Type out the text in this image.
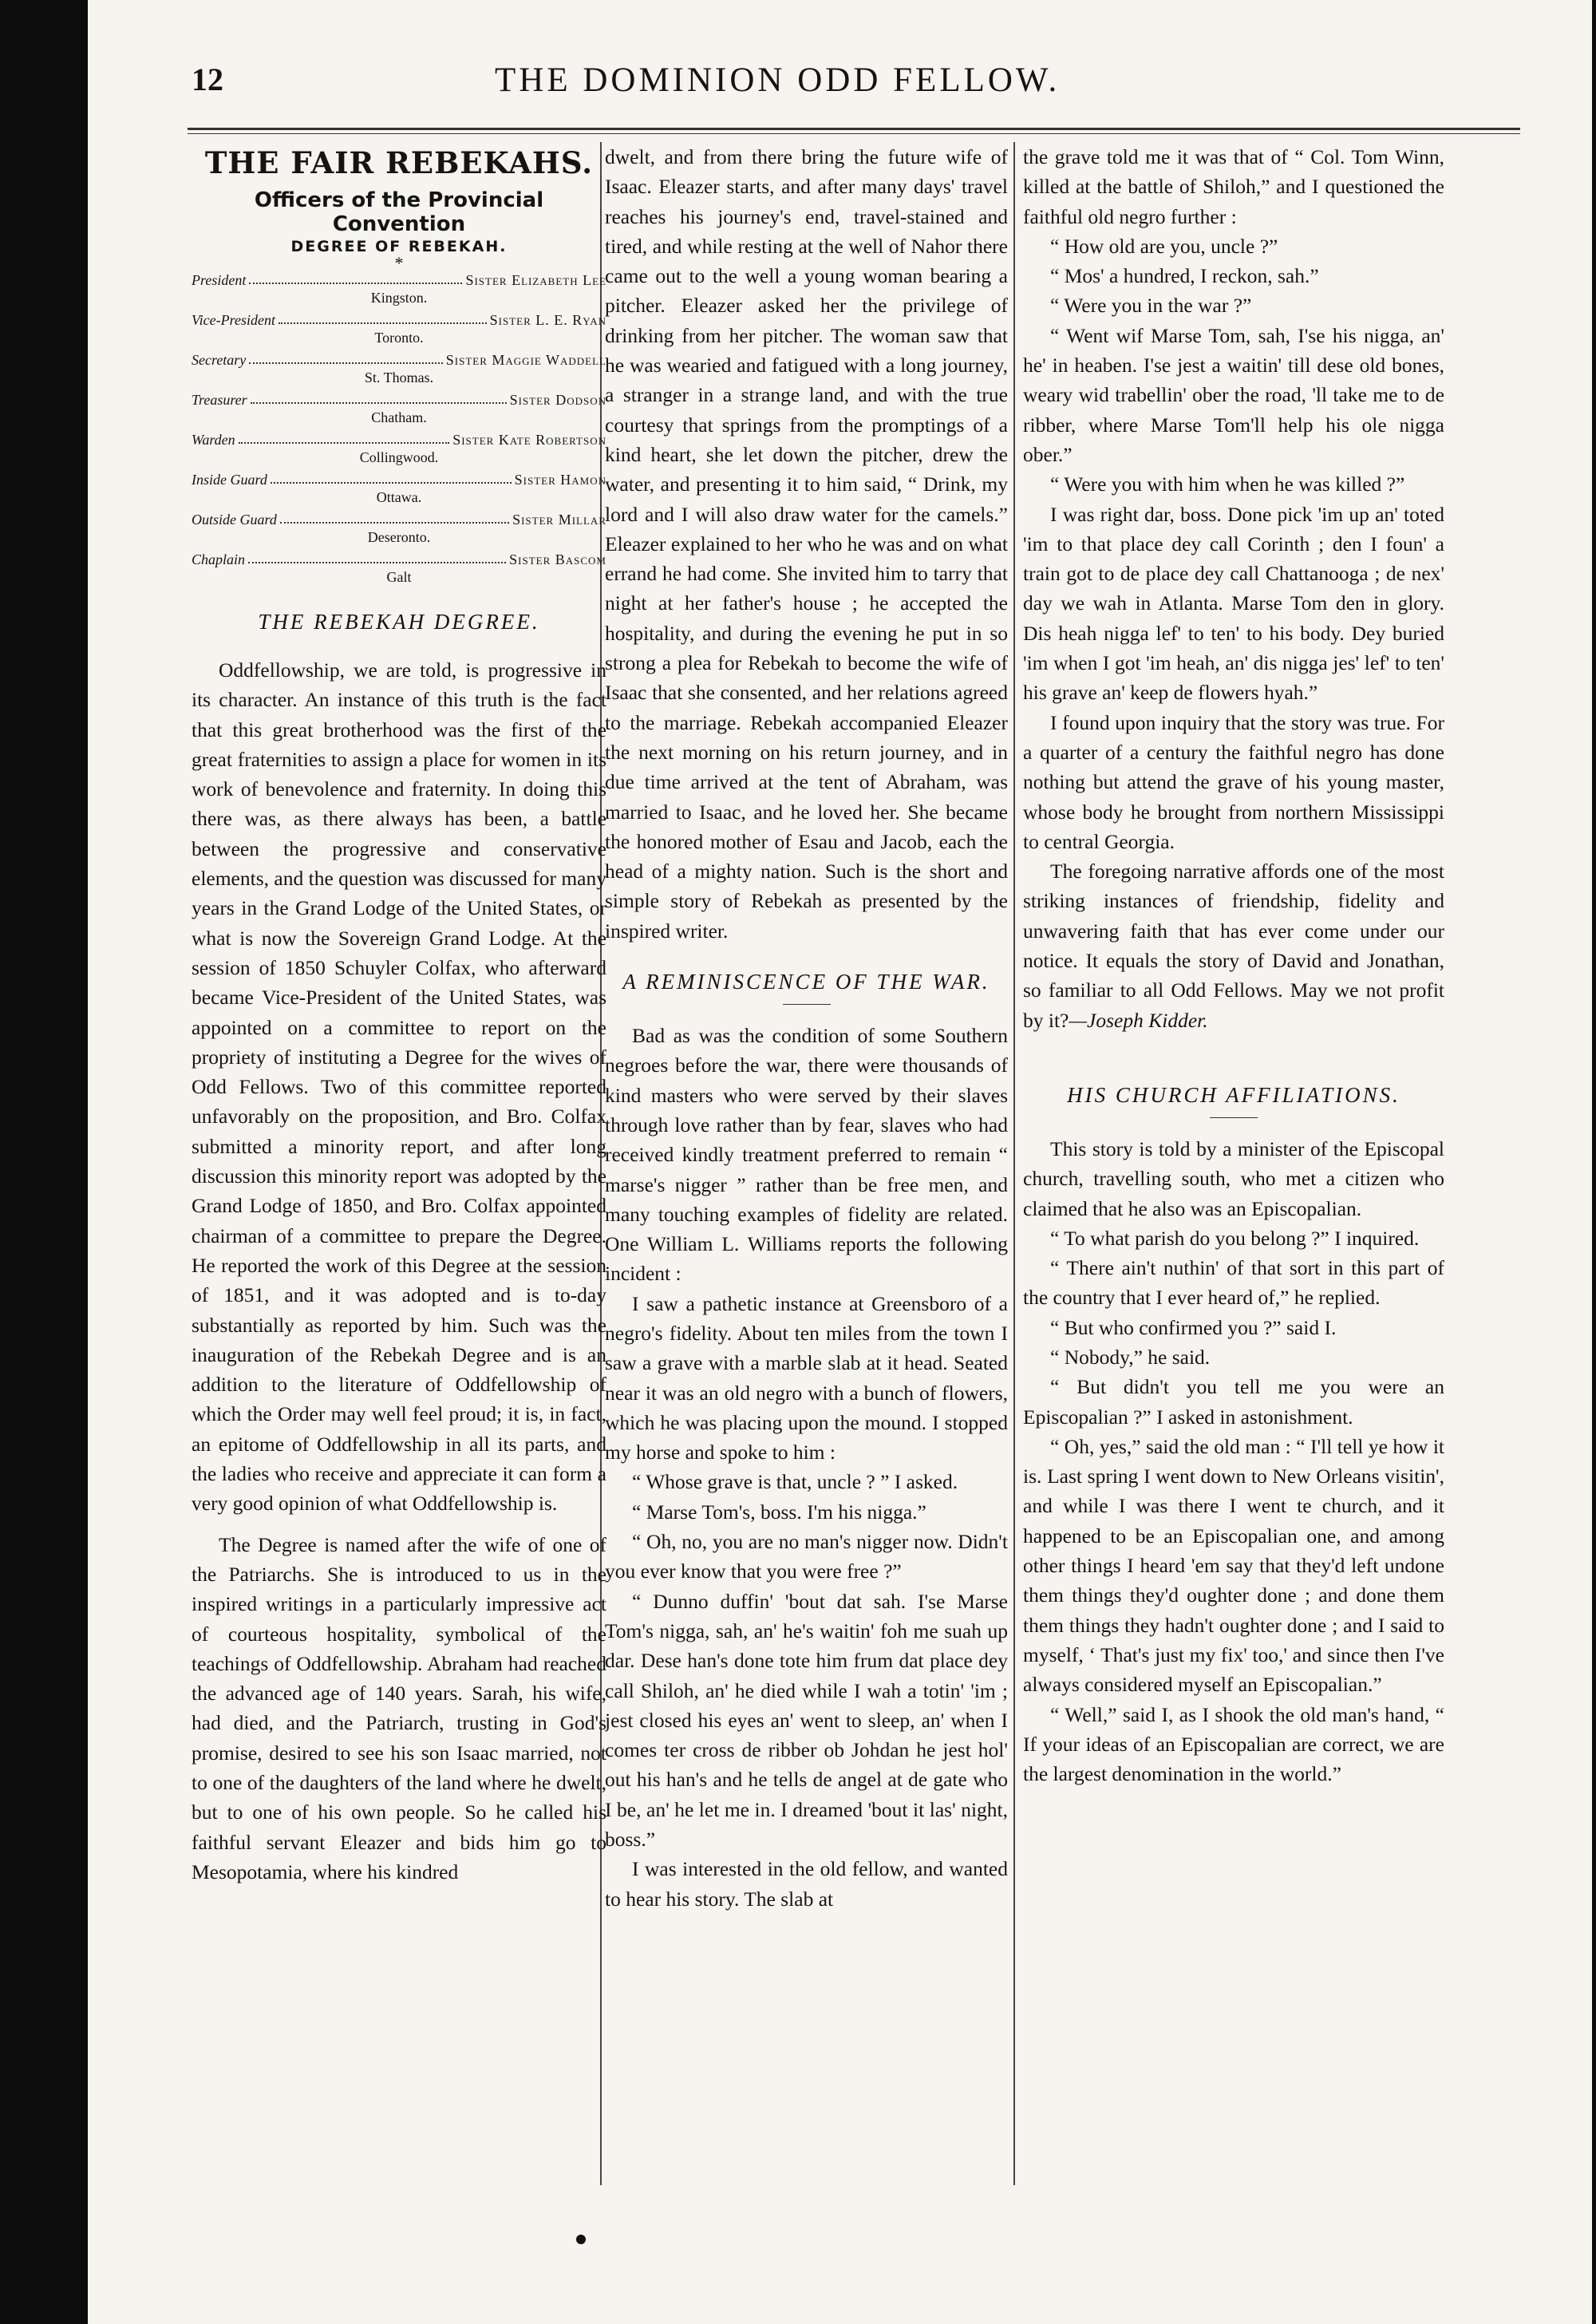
12	THE DOMINION ODD FELLOW.
THE FAIR REBEKAHS.
Officers of the Provincial Convention
DEGREE OF REBEKAH.
*
President	Sister Elizabeth Lee
Kingston.
Vice-President	Sister L. E. Ryan
Toronto.
Secretary	Sister Maggie Waddell
St. Thomas.
Treasurer	Sister Dodson
Chatham.
Warden	Sister Kate Robertson
Collingwood.
Inside Guard	Sister Hamon
Ottawa.
Outside Guard	Sister Millar
Deseronto.
Chaplain	Sister Bascom
Galt
THE REBEKAH DEGREE.

Oddfellowship, we are told, is progressive in its character. An instance of this truth is the fact that this great brotherhood was the first of the great fraternities to assign a place for women in its work of benevolence and fraternity. In doing this there was, as there always has been, a battle between the progressive and conservative elements, and the question was discussed for many years in the Grand Lodge of the United States, or what is now the Sovereign Grand Lodge. At the session of 1850 Schuyler Colfax, who afterward became Vice-President of the United States, was appointed on a committee to report on the propriety of instituting a Degree for the wives of Odd Fellows. Two of this committee reported unfavorably on the proposition, and Bro. Colfax submitted a minority report, and after long discussion this minority report was adopted by the Grand Lodge of 1850, and Bro. Colfax appointed chairman of a committee to prepare the Degree. He reported the work of this Degree at the session of 1851, and it was adopted and is to-day substantially as reported by him. Such was the inauguration of the Rebekah Degree and is an addition to the literature of Oddfellowship of which the Order may well feel proud; it is, in fact, an epitome of Oddfellowship in all its parts, and the ladies who receive and appreciate it can form a very good opinion of what Oddfellowship is.

The Degree is named after the wife of one of the Patriarchs. She is introduced to us in the inspired writings in a particularly impressive act of courteous hospitality, symbolical of the teachings of Oddfellowship. Abraham had reached the advanced age of 140 years. Sarah, his wife, had died, and the Patriarch, trusting in God's promise, desired to see his son Isaac married, not to one of the daughters of the land where he dwelt, but to one of his own people. So he called his faithful servant Eleazer and bids him go to Mesopotamia, where his kindred

dwelt, and from there bring the future wife of Isaac. Eleazer starts, and after many days' travel reaches his journey's end, travel-stained and tired, and while resting at the well of Nahor there came out to the well a young woman bearing a pitcher. Eleazer asked her the privilege of drinking from her pitcher. The woman saw that he was wearied and fatigued with a long journey, a stranger in a strange land, and with the true courtesy that springs from the promptings of a kind heart, she let down the pitcher, drew the water, and presenting it to him said, “ Drink, my lord and I will also draw water for the camels.” Eleazer explained to her who he was and on what errand he had come. She invited him to tarry that night at her father's house ; he accepted the hospitality, and during the evening he put in so strong a plea for Rebekah to become the wife of Isaac that she consented, and her relations agreed to the marriage. Rebekah accompanied Eleazer the next morning on his return journey, and in due time arrived at the tent of Abraham, was married to Isaac, and he loved her. She became the honored mother of Esau and Jacob, each the head of a mighty nation. Such is the short and simple story of Rebekah as presented by the inspired writer.

A REMINISCENCE OF THE WAR.

Bad as was the condition of some Southern negroes before the war, there were thousands of kind masters who were served by their slaves through love rather than by fear, slaves who had received kindly treatment preferred to remain “ marse's nigger ” rather than be free men, and many touching examples of fidelity are related. One William L. Williams reports the following incident :

I saw a pathetic instance at Greensboro of a negro's fidelity. About ten miles from the town I saw a grave with a marble slab at it head. Seated near it was an old negro with a bunch of flowers, which he was placing upon the mound. I stopped my horse and spoke to him :

“ Whose grave is that, uncle ? ” I asked.

“ Marse Tom's, boss. I'm his nigga.”

“ Oh, no, you are no man's nigger now. Didn't you ever know that you were free ?”

“ Dunno duffin' 'bout dat sah. I'se Marse Tom's nigga, sah, an' he's waitin' foh me suah up dar. Dese han's done tote him frum dat place dey call Shiloh, an' he died while I wah a totin' 'im ; jest closed his eyes an' went to sleep, an' when I comes ter cross de ribber ob Johdan he jest hol' out his han's and he tells de angel at de gate who I be, an' he let me in. I dreamed 'bout it las' night, boss.”

I was interested in the old fellow, and wanted to hear his story. The slab at

the grave told me it was that of “ Col. Tom Winn, killed at the battle of Shiloh,” and I questioned the faithful old negro further :

“ How old are you, uncle ?”

“ Mos' a hundred, I reckon, sah.”

“ Were you in the war ?”

“ Went wif Marse Tom, sah, I'se his nigga, an' he' in heaben. I'se jest a waitin' till dese old bones, weary wid trabellin' ober the road, 'll take me to de ribber, where Marse Tom'll help his ole nigga ober.”

“ Were you with him when he was killed ?”

I was right dar, boss. Done pick 'im up an' toted 'im to that place dey call Corinth ; den I foun' a train got to de place dey call Chattanooga ; de nex' day we wah in Atlanta. Marse Tom den in glory. Dis heah nigga lef' to ten' to his body. Dey buried 'im when I got 'im heah, an' dis nigga jes' lef' to ten' his grave an' keep de flowers hyah.”

I found upon inquiry that the story was true. For a quarter of a century the faithful negro has done nothing but attend the grave of his young master, whose body he brought from northern Mississippi to central Georgia.

The foregoing narrative affords one of the most striking instances of friendship, fidelity and unwavering faith that has ever come under our notice. It equals the story of David and Jonathan, so familiar to all Odd Fellows. May we not profit by it?—Joseph Kidder.

HIS CHURCH AFFILIATIONS.

This story is told by a minister of the Episcopal church, travelling south, who met a citizen who claimed that he also was an Episcopalian.

“ To what parish do you belong ?” I inquired.

“ There ain't nuthin' of that sort in this part of the country that I ever heard of,” he replied.

“ But who confirmed you ?” said I.

“ Nobody,” he said.

“ But didn't you tell me you were an Episcopalian ?” I asked in astonishment.

“ Oh, yes,” said the old man : “ I'll tell ye how it is. Last spring I went down to New Orleans visitin', and while I was there I went te church, and it happened to be an Episcopalian one, and among other things I heard 'em say that they'd left undone them things they'd oughter done ; and done them them things they hadn't oughter done ; and I said to myself, ‘ That's just my fix' too,' and since then I've always considered myself an Episcopalian.”

“ Well,” said I, as I shook the old man's hand, “ If your ideas of an Episcopalian are correct, we are the largest denomination in the world.”
